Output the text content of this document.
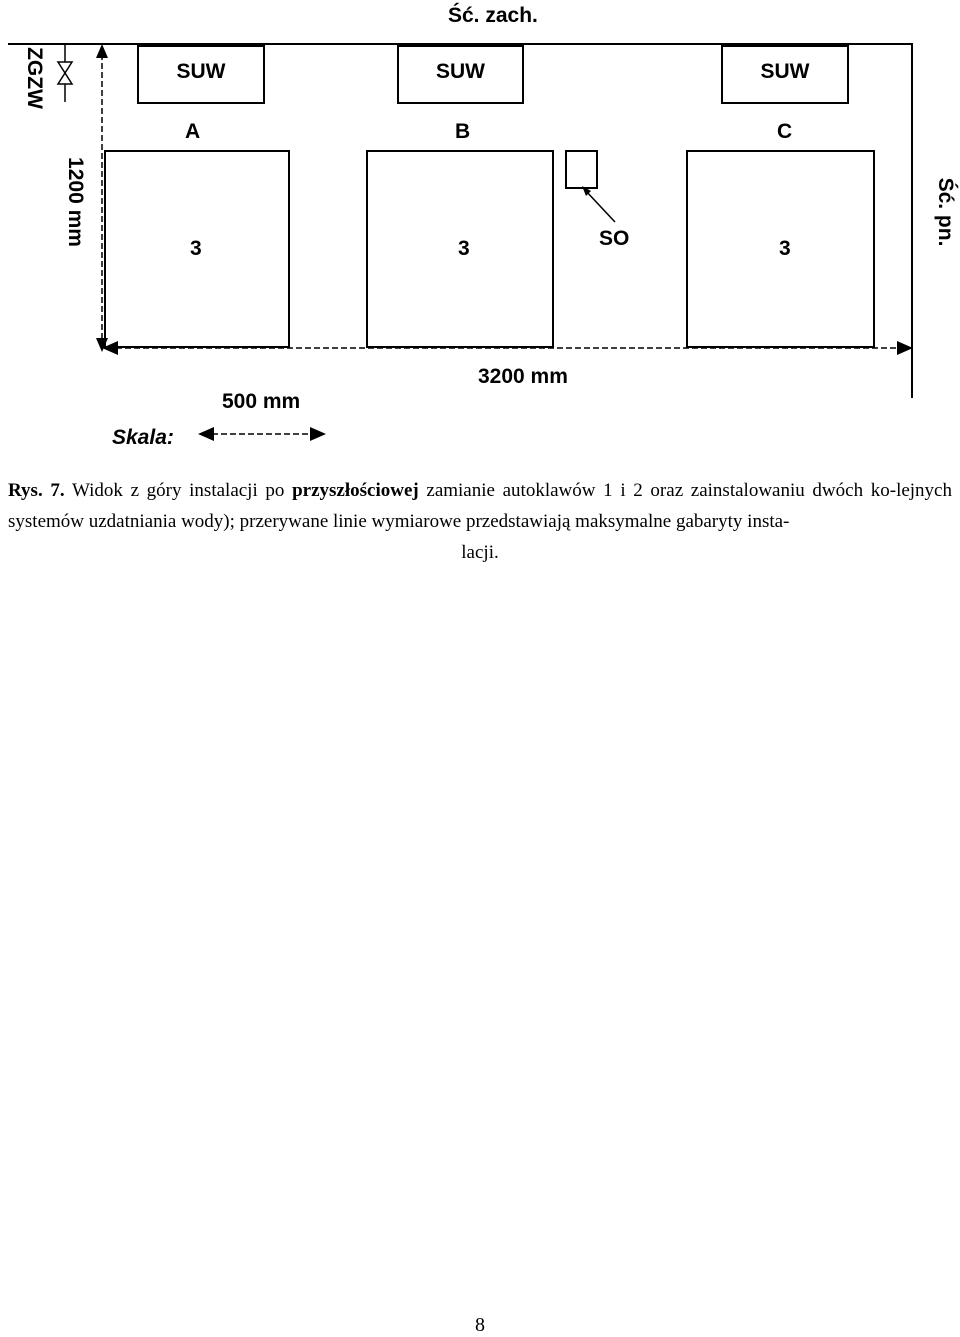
Ść. zach.
Ść. pn.
ZGZW
1200 mm
SUW	SUW	SUW
A	B	C
3	3	3
SO
3200 mm
500 mm
Skala:
Rys. 7. Widok z góry instalacji po przyszłościowej zamianie autoklawów 1 i 2 oraz zainstalowaniu dwóch ko-lejnych systemów uzdatniania wody); przerywane linie wymiarowe przedstawiają maksymalne gabaryty insta-
lacji.
8
